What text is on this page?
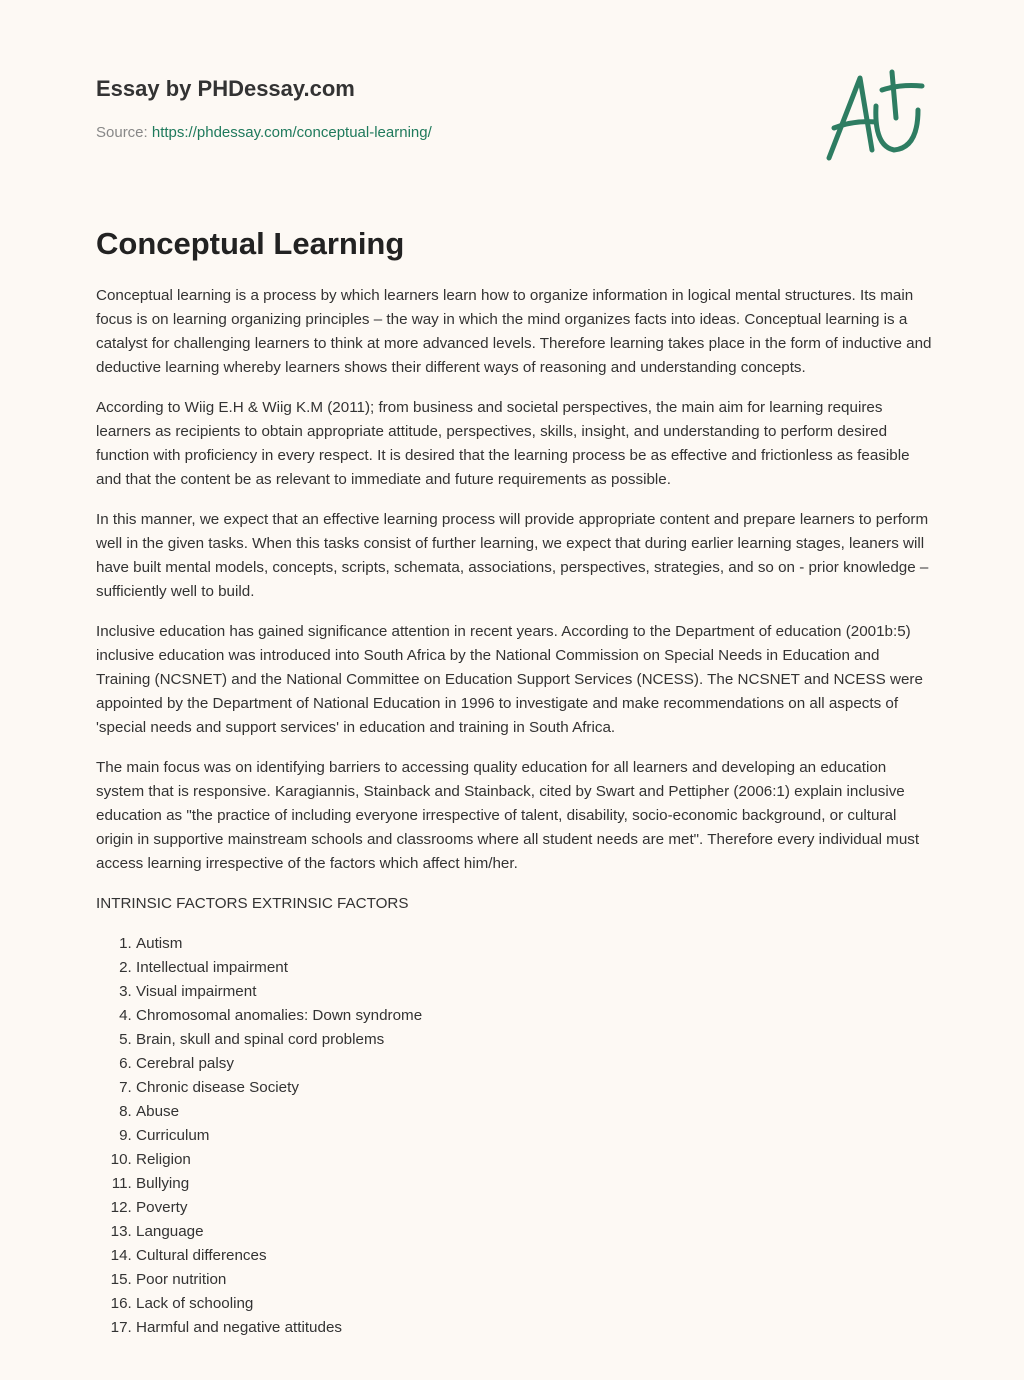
Essay by PHDessay.com
Source: https://phdessay.com/conceptual-learning/
Conceptual Learning

Conceptual learning is a process by which learners learn how to organize information in logical mental structures. Its main focus is on learning organizing principles – the way in which the mind organizes facts into ideas. Conceptual learning is a catalyst for challenging learners to think at more advanced levels. Therefore learning takes place in the form of inductive and deductive learning whereby learners shows their different ways of reasoning and understanding concepts.

According to Wiig E.H & Wiig K.M (2011); from business and societal perspectives, the main aim for learning requires learners as recipients to obtain appropriate attitude, perspectives, skills, insight, and understanding to perform desired function with proficiency in every respect. It is desired that the learning process be as effective and frictionless as feasible and that the content be as relevant to immediate and future requirements as possible.

In this manner, we expect that an effective learning process will provide appropriate content and prepare learners to perform well in the given tasks. When this tasks consist of further learning, we expect that during earlier learning stages, leaners will have built mental models, concepts, scripts, schemata, associations, perspectives, strategies, and so on - prior knowledge – sufficiently well to build.

Inclusive education has gained significance attention in recent years. According to the Department of education (2001b:5) inclusive education was introduced into South Africa by the National Commission on Special Needs in Education and Training (NCSNET) and the National Committee on Education Support Services (NCESS). The NCSNET and NCESS were appointed by the Department of National Education in 1996 to investigate and make recommendations on all aspects of 'special needs and support services' in education and training in South Africa.

The main focus was on identifying barriers to accessing quality education for all learners and developing an education system that is responsive. Karagiannis, Stainback and Stainback, cited by Swart and Pettipher (2006:1) explain inclusive education as "the practice of including everyone irrespective of talent, disability, socio-economic background, or cultural origin in supportive mainstream schools and classrooms where all student needs are met". Therefore every individual must access learning irrespective of the factors which affect him/her.

INTRINSIC FACTORS EXTRINSIC FACTORS

1. Autism
2. Intellectual impairment
3. Visual impairment
4. Chromosomal anomalies: Down syndrome
5. Brain, skull and spinal cord problems
6. Cerebral palsy
7. Chronic disease Society
8. Abuse
9. Curriculum
10. Religion
11. Bullying
12. Poverty
13. Language
14. Cultural differences
15. Poor nutrition
16. Lack of schooling
17. Harmful and negative attitudes
